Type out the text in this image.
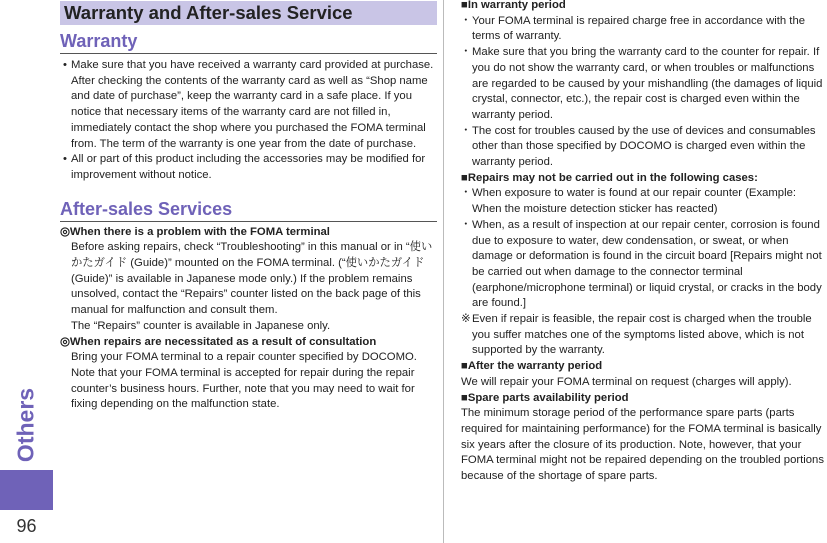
Others
96
Warranty and After-sales Service
Warranty
• Make sure that you have received a warranty card provided at purchase. After checking the contents of the warranty card as well as “Shop name and date of purchase”, keep the warranty card in a safe place. If you notice that necessary items of the warranty card are not filled in, immediately contact the shop where you purchased the FOMA terminal from. The term of the warranty is one year from the date of purchase.
• All or part of this product including the accessories may be modified for improvement without notice.
After-sales Services
◎When there is a problem with the FOMA terminal
Before asking repairs, check “Troubleshooting” in this manual or in “使いかたガイド (Guide)” mounted on the FOMA terminal. (“使いかたガイド (Guide)” is available in Japanese mode only.) If the problem remains unsolved, contact the “Repairs” counter listed on the back page of this manual for malfunction and consult them.
The “Repairs” counter is available in Japanese only.
◎When repairs are necessitated as a result of consultation
Bring your FOMA terminal to a repair counter specified by DOCOMO. Note that your FOMA terminal is accepted for repair during the repair counter’s business hours. Further, note that you may need to wait for fixing depending on the malfunction state.
■In warranty period
･ Your FOMA terminal is repaired charge free in accordance with the terms of warranty.
･ Make sure that you bring the warranty card to the counter for repair. If you do not show the warranty card, or when troubles or malfunctions are regarded to be caused by your mishandling (the damages of liquid crystal, connector, etc.), the repair cost is charged even within the warranty period.
･ The cost for troubles caused by the use of devices and consumables other than those specified by DOCOMO is charged even within the warranty period.
■Repairs may not be carried out in the following cases:
･ When exposure to water is found at our repair counter (Example: When the moisture detection sticker has reacted)
･ When, as a result of inspection at our repair center, corrosion is found due to exposure to water, dew condensation, or sweat, or when damage or deformation is found in the circuit board [Repairs might not be carried out when damage to the connector terminal (earphone/microphone terminal) or liquid crystal, or cracks in the body are found.]
※ Even if repair is feasible, the repair cost is charged when the trouble you suffer matches one of the symptoms listed above, which is not supported by the warranty.
■After the warranty period
We will repair your FOMA terminal on request (charges will apply).
■Spare parts availability period
The minimum storage period of the performance spare parts (parts required for maintaining performance) for the FOMA terminal is basically six years after the closure of its production. Note, however, that your FOMA terminal might not be repaired depending on the troubled portions because of the shortage of spare parts.
